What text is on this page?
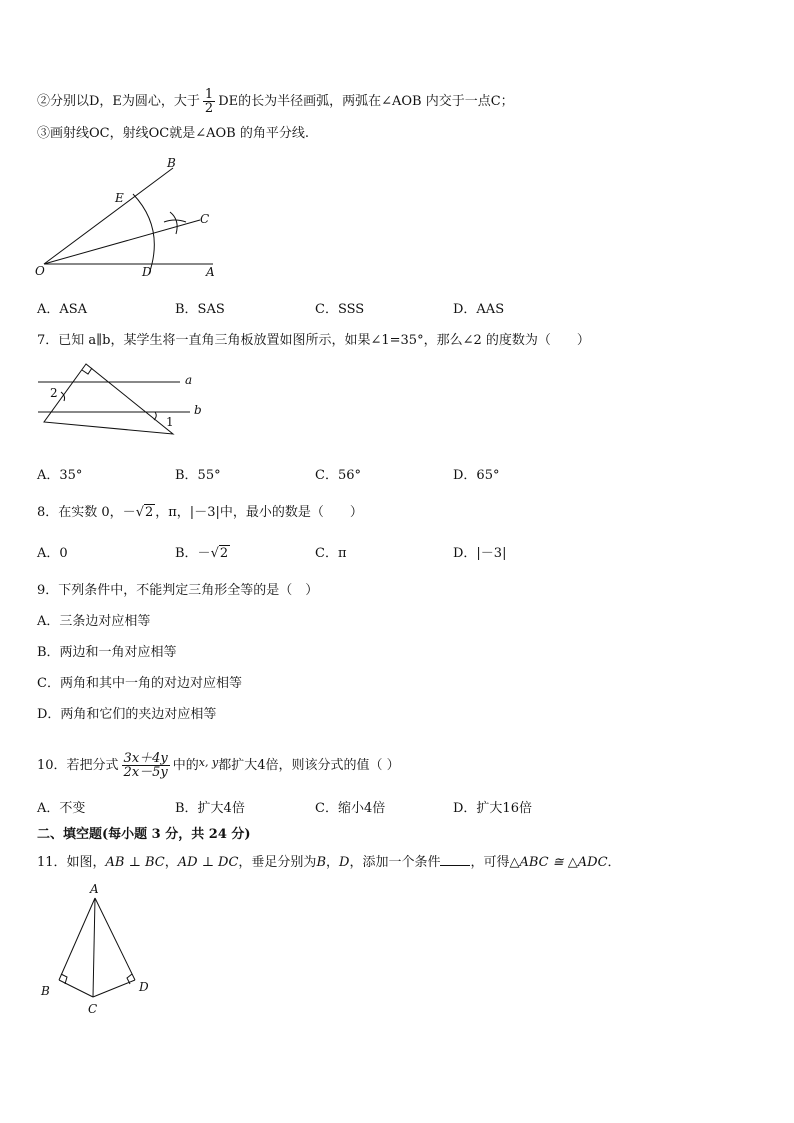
②分别以D，E为圆心，大于 $\frac{1}{2}$ DE的长为半径画弧，两弧在∠AOB 内交于一点C；
③画射线OC，射线OC就是∠AOB 的角平分线.
B
E
C
O	D	A
A．ASA	B．SAS	C．SSS	D．AAS
7．已知 a∥b，某学生将一直角三角板放置如图所示，如果∠1=35°，那么∠2 的度数为（　　）
a
b
1
2
A．35°	B．55°	C．56°	D．65°
8．在实数 0，－√2 ，π，|－3|中，最小的数是（　　）
A．0	B．－√2	C．π	D．|－3|
9．下列条件中，不能判定三角形全等的是（　）
A．三条边对应相等
B．两边和一角对应相等
C．两角和其中一角的对边对应相等
D．两角和它们的夹边对应相等
10．若把分式 $\frac{3x+4y}{2x-5y}$ 中的$^{x, y}$都扩大4倍，则该分式的值（ ）
A．不变	B．扩大4倍	C．缩小4倍	D．扩大16倍
二、填空题(每小题 3 分，共 24 分)
11．如图，AB ⊥ BC，AD ⊥ DC，垂足分别为B，D，添加一个条件 ，可得△ABC ≅ △ADC．
A
B
C
D
